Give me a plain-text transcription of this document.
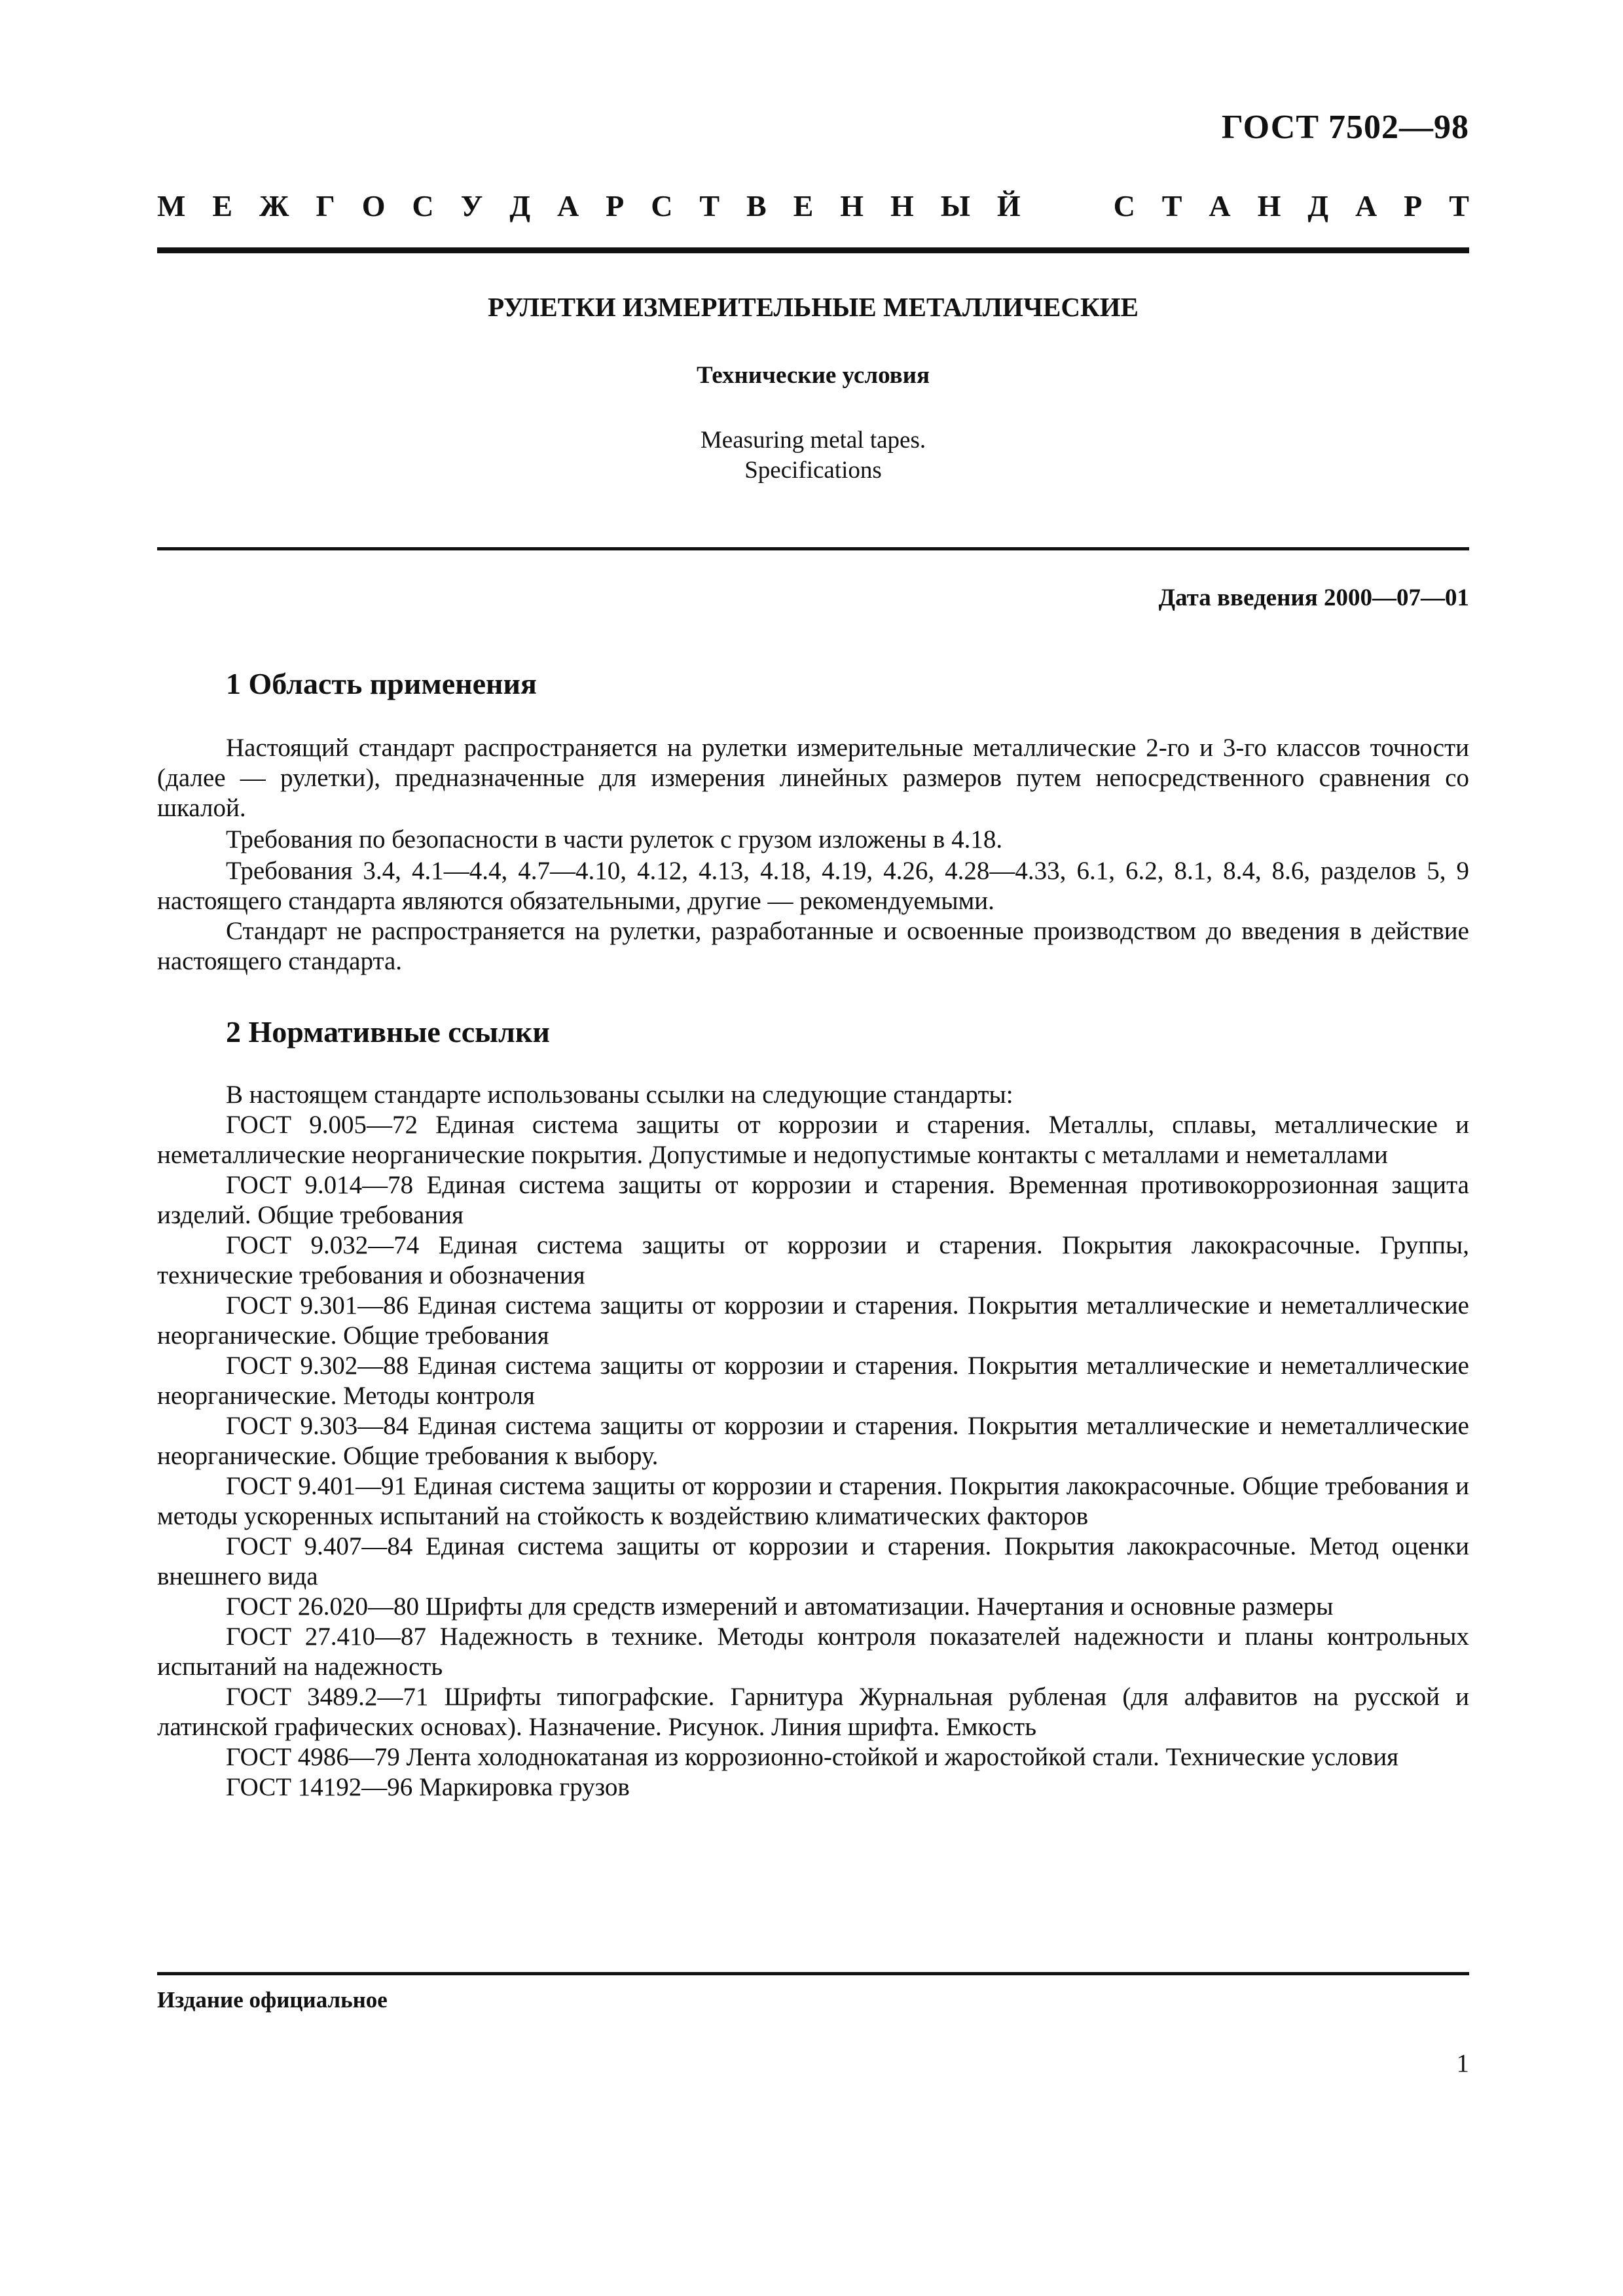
ГОСТ 7502—98
М Е Ж Г О С У Д А Р С Т В Е Н Н Ы Й	С Т А Н Д А Р Т
РУЛЕТКИ ИЗМЕРИТЕЛЬНЫЕ МЕТАЛЛИЧЕСКИЕ
Технические условия
Measuring metal tapes.
Specifications
Дата введения 2000—07—01
1 Область применения

Настоящий стандарт распространяется на рулетки измерительные металлические 2-го и 3-го классов точности (далее — рулетки), предназначенные для измерения линейных размеров путем непосредственного сравнения со шкалой.

Требования по безопасности в части рулеток с грузом изложены в 4.18.

Требования 3.4, 4.1—4.4, 4.7—4.10, 4.12, 4.13, 4.18, 4.19, 4.26, 4.28—4.33, 6.1, 6.2, 8.1, 8.4, 8.6, разделов 5, 9 настоящего стандарта являются обязательными, другие — рекомендуемыми.

Стандарт не распространяется на рулетки, разработанные и освоенные производством до введения в действие настоящего стандарта.

2 Нормативные ссылки

В настоящем стандарте использованы ссылки на следующие стандарты:

ГОСТ 9.005—72 Единая система защиты от коррозии и старения. Металлы, сплавы, металлические и неметаллические неорганические покрытия. Допустимые и недопустимые контакты с металлами и неметаллами

ГОСТ 9.014—78 Единая система защиты от коррозии и старения. Временная противокоррозионная защита изделий. Общие требования

ГОСТ 9.032—74 Единая система защиты от коррозии и старения. Покрытия лакокрасочные. Группы, технические требования и обозначения

ГОСТ 9.301—86 Единая система защиты от коррозии и старения. Покрытия металлические и неметаллические неорганические. Общие требования

ГОСТ 9.302—88 Единая система защиты от коррозии и старения. Покрытия металлические и неметаллические неорганические. Методы контроля

ГОСТ 9.303—84 Единая система защиты от коррозии и старения. Покрытия металлические и неметаллические неорганические. Общие требования к выбору.

ГОСТ 9.401—91 Единая система защиты от коррозии и старения. Покрытия лакокрасочные. Общие требования и методы ускоренных испытаний на стойкость к воздействию климатических факторов

ГОСТ 9.407—84 Единая система защиты от коррозии и старения. Покрытия лакокрасочные. Метод оценки внешнего вида

ГОСТ 26.020—80 Шрифты для средств измерений и автоматизации. Начертания и основные размеры

ГОСТ 27.410—87 Надежность в технике. Методы контроля показателей надежности и планы контрольных испытаний на надежность

ГОСТ 3489.2—71 Шрифты типографские. Гарнитура Журнальная рубленая (для алфавитов на русской и латинской графических основах). Назначение. Рисунок. Линия шрифта. Емкость

ГОСТ 4986—79 Лента холоднокатаная из коррозионно-стойкой и жаростойкой стали. Технические условия

ГОСТ 14192—96 Маркировка грузов

Издание официальное
1
